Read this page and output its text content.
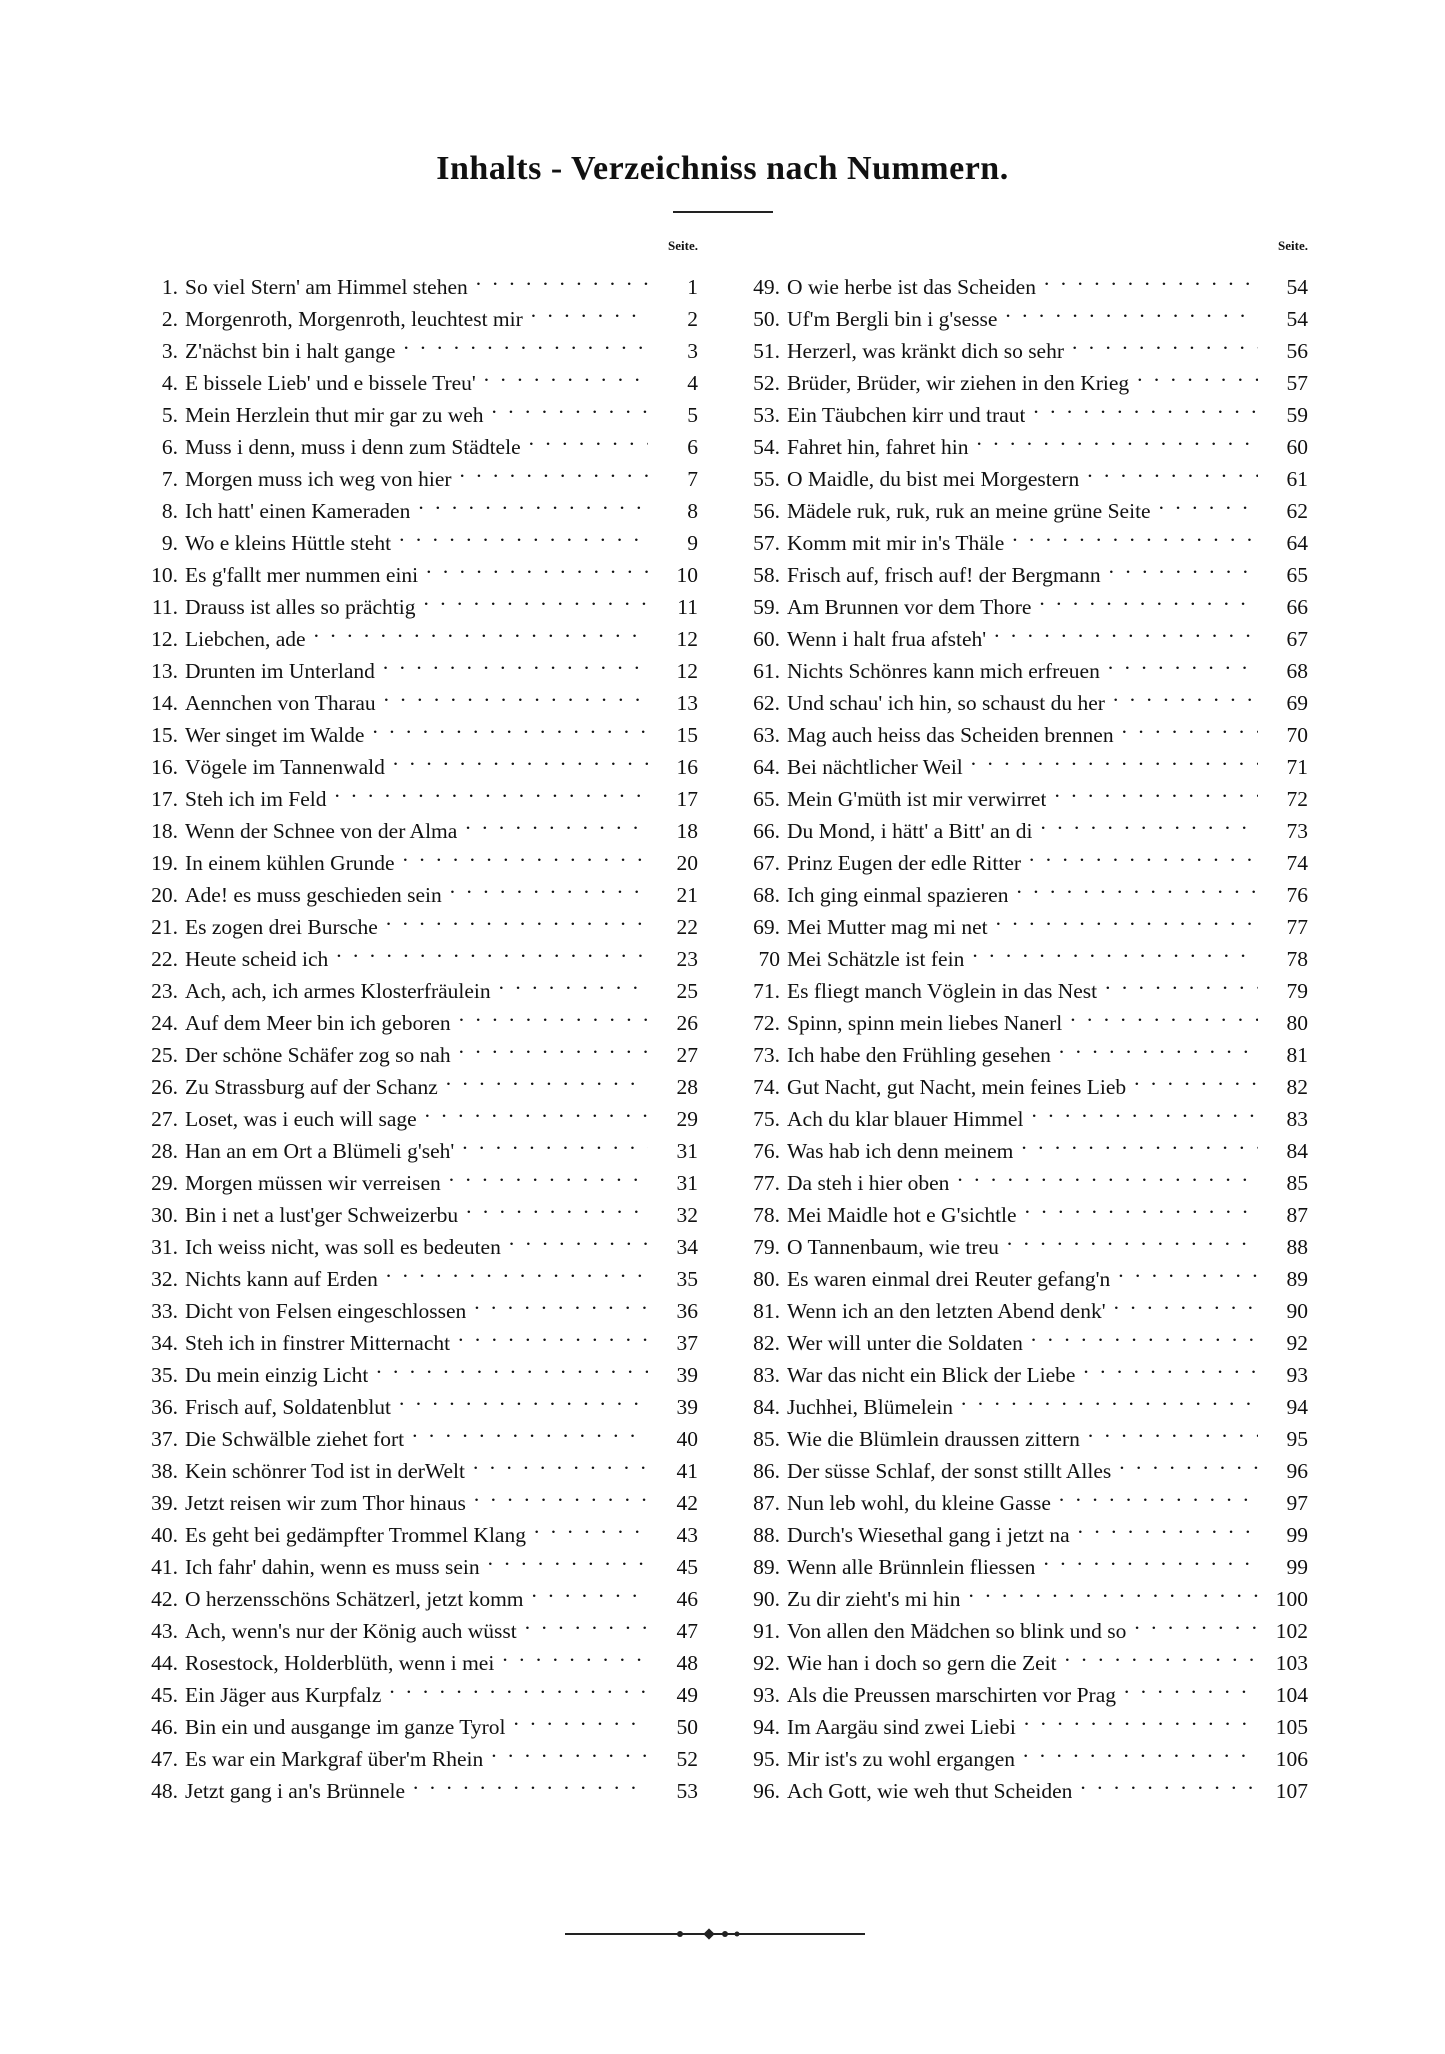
Inhalts - Verzeichniss nach Nummern.
Seite.
1. So viel Stern' am Himmel stehen . . .	1
2. Morgenroth, Morgenroth, leuchtest mir . . .	2
3. Z'nächst bin i halt gange . . .	3
4. E bissele Lieb' und e bissele Treu' . . .	4
5. Mein Herzlein thut mir gar zu weh . . .	5
6. Muss i denn, muss i denn zum Städtele . . .	6
7. Morgen muss ich weg von hier . . .	7
8. Ich hatt' einen Kameraden . . .	8
9. Wo e kleins Hüttle steht . . .	9
10. Es g'fallt mer nummen eini . . .	10
11. Drauss ist alles so prächtig . . .	11
12. Liebchen, ade . . .	12
13. Drunten im Unterland . . .	12
14. Aennchen von Tharau . . .	13
15. Wer singet im Walde . . .	15
16. Vögele im Tannenwald . . .	16
17. Steh ich im Feld . . .	17
18. Wenn der Schnee von der Alma . . .	18
19. In einem kühlen Grunde . . .	20
20. Ade! es muss geschieden sein . . .	21
21. Es zogen drei Bursche . . .	22
22. Heute scheid ich . . .	23
23. Ach, ach, ich armes Klosterfräulein . . .	25
24. Auf dem Meer bin ich geboren . . .	26
25. Der schöne Schäfer zog so nah . . .	27
26. Zu Strassburg auf der Schanz . . .	28
27. Loset, was i euch will sage . . .	29
28. Han an em Ort a Blümeli g'seh' . . .	31
29. Morgen müssen wir verreisen . . .	31
30. Bin i net a lust'ger Schweizerbu . . .	32
31. Ich weiss nicht, was soll es bedeuten . . .	34
32. Nichts kann auf Erden . . .	35
33. Dicht von Felsen eingeschlossen . . .	36
34. Steh ich in finstrer Mitternacht . . .	37
35. Du mein einzig Licht . . .	39
36. Frisch auf, Soldatenblut . . .	39
37. Die Schwälble ziehet fort . . .	40
38. Kein schönrer Tod ist in derWelt . . .	41
39. Jetzt reisen wir zum Thor hinaus . . .	42
40. Es geht bei gedämpfter Trommel Klang . . .	43
41. Ich fahr' dahin, wenn es muss sein . . .	45
42. O herzensschöns Schätzerl, jetzt komm . . .	46
43. Ach, wenn's nur der König auch wüsst . . .	47
44. Rosestock, Holderblüth, wenn i mei . . .	48
45. Ein Jäger aus Kurpfalz . . .	49
46. Bin ein und ausgange im ganze Tyrol . . .	50
47. Es war ein Markgraf über'm Rhein . . .	52
48. Jetzt gang i an's Brünnele . . .	53
Seite.
49. O wie herbe ist das Scheiden . . .	54
50. Uf'm Bergli bin i g'sesse . . .	54
51. Herzerl, was kränkt dich so sehr . . .	56
52. Brüder, Brüder, wir ziehen in den Krieg . . .	57
53. Ein Täubchen kirr und traut . . .	59
54. Fahret hin, fahret hin . . .	60
55. O Maidle, du bist mei Morgestern . . .	61
56. Mädele ruk, ruk, ruk an meine grüne Seite . . .	62
57. Komm mit mir in's Thäle . . .	64
58. Frisch auf, frisch auf! der Bergmann . . .	65
59. Am Brunnen vor dem Thore . . .	66
60. Wenn i halt frua afsteh' . . .	67
61. Nichts Schönres kann mich erfreuen . . .	68
62. Und schau' ich hin, so schaust du her . . .	69
63. Mag auch heiss das Scheiden brennen . . .	70
64. Bei nächtlicher Weil . . .	71
65. Mein G'müth ist mir verwirret . . .	72
66. Du Mond, i hätt' a Bitt' an di . . .	73
67. Prinz Eugen der edle Ritter . . .	74
68. Ich ging einmal spazieren . . .	76
69. Mei Mutter mag mi net . . .	77
70 Mei Schätzle ist fein . . .	78
71. Es fliegt manch Vöglein in das Nest . . .	79
72. Spinn, spinn mein liebes Nanerl . . .	80
73. Ich habe den Frühling gesehen . . .	81
74. Gut Nacht, gut Nacht, mein feines Lieb . . .	82
75. Ach du klar blauer Himmel . . .	83
76. Was hab ich denn meinem . . .	84
77. Da steh i hier oben . . .	85
78. Mei Maidle hot e G'sichtle . . .	87
79. O Tannenbaum, wie treu . . .	88
80. Es waren einmal drei Reuter gefang'n . . .	89
81. Wenn ich an den letzten Abend denk' . . .	90
82. Wer will unter die Soldaten . . .	92
83. War das nicht ein Blick der Liebe . . .	93
84. Juchhei, Blümelein . . .	94
85. Wie die Blümlein draussen zittern . . .	95
86. Der süsse Schlaf, der sonst stillt Alles . . .	96
87. Nun leb wohl, du kleine Gasse . . .	97
88. Durch's Wiesethal gang i jetzt na . . .	99
89. Wenn alle Brünnlein fliessen . . .	99
90. Zu dir zieht's mi hin . . .	100
91. Von allen den Mädchen so blink und so . . .	102
92. Wie han i doch so gern die Zeit . . .	103
93. Als die Preussen marschirten vor Prag . . .	104
94. Im Aargäu sind zwei Liebi . . .	105
95. Mir ist's zu wohl ergangen . . .	106
96. Ach Gott, wie weh thut Scheiden . . .	107
